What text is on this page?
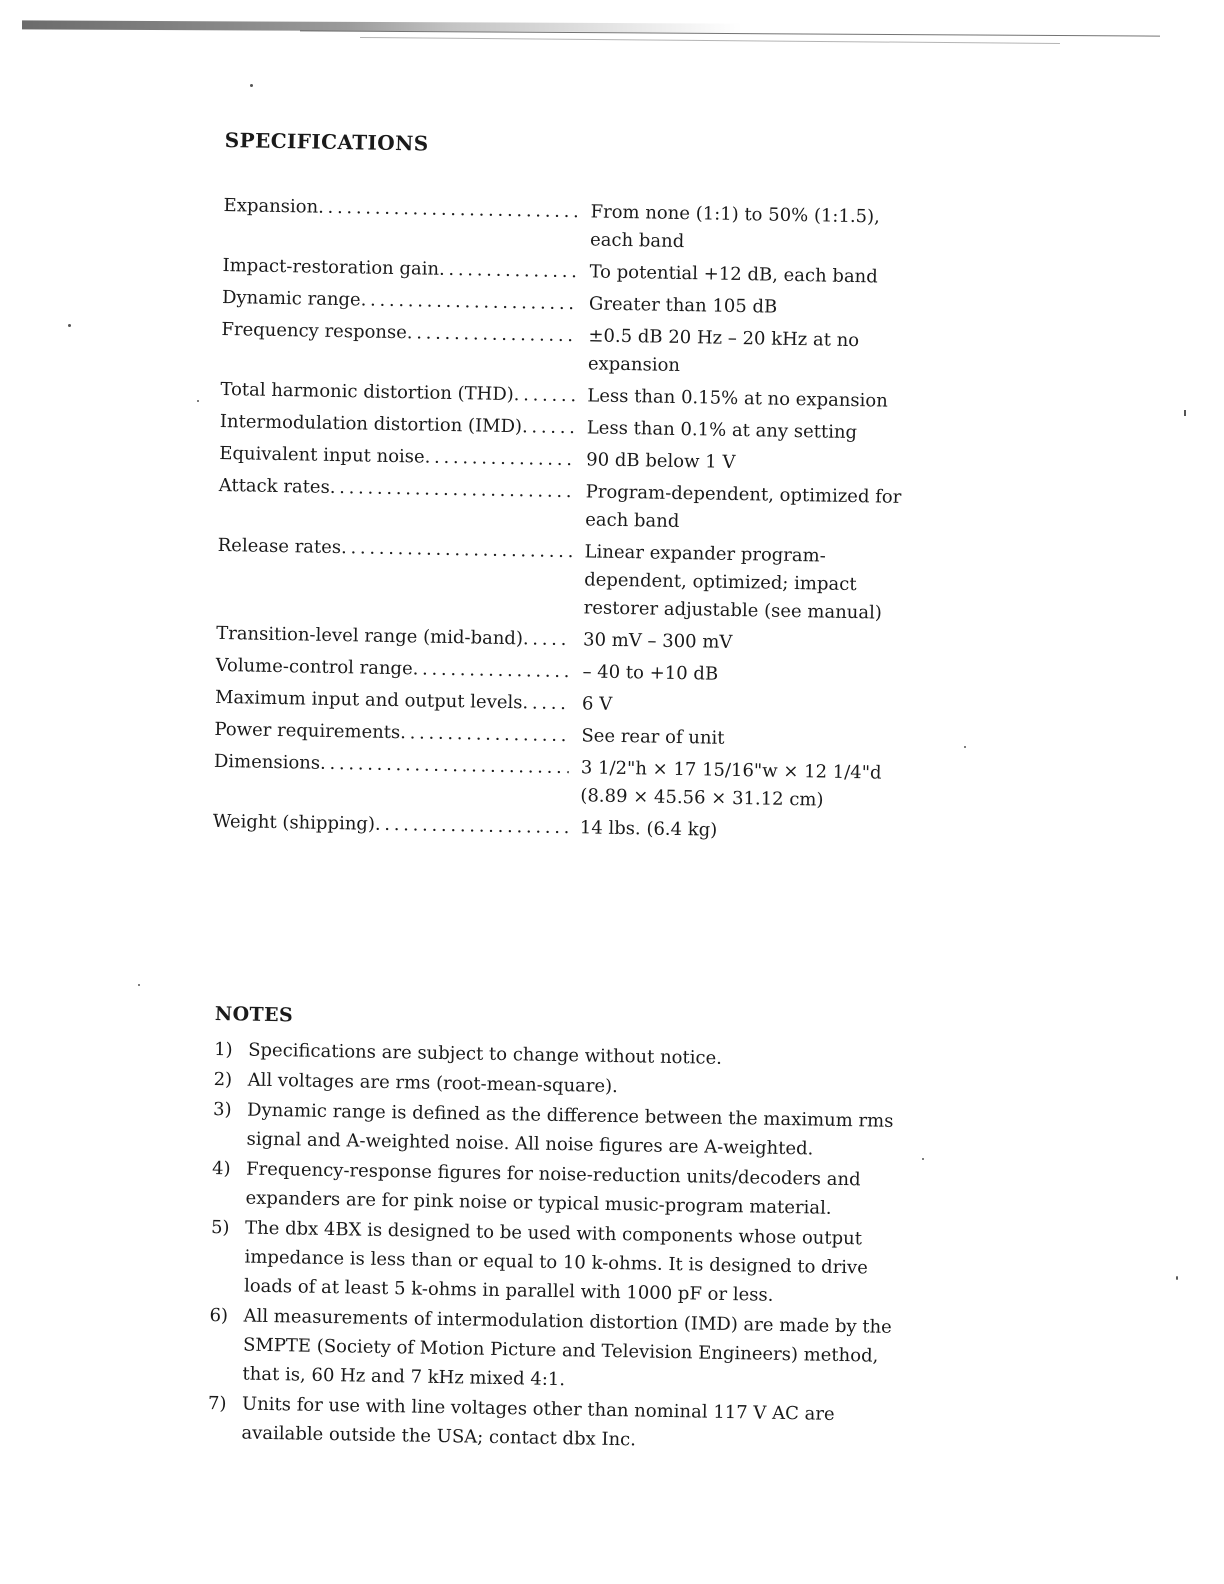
SPECIFICATIONS
Expansion . . .	From none (1:1) to 50% (1:1.5), each band
Impact-restoration gain . . .	To potential +12 dB, each band
Dynamic range . . .	Greater than 105 dB
Frequency response . . .	±0.5 dB 20 Hz – 20 kHz at no expansion
Total harmonic distortion (THD) . . .	Less than 0.15% at no expansion
Intermodulation distortion (IMD) . . .	Less than 0.1% at any setting
Equivalent input noise . . .	90 dB below 1 V
Attack rates . . .	Program-dependent, optimized for each band
Release rates . . .	Linear expander program-dependent, optimized; impact restorer adjustable (see manual)
Transition-level range (mid-band) . . .	30 mV – 300 mV
Volume-control range . . .	– 40 to +10 dB
Maximum input and output levels . . .	6 V
Power requirements . . .	See rear of unit
Dimensions . . .	3 1/2"h × 17 15/16"w × 12 1/4"d (8.89 × 45.56 × 31.12 cm)
Weight (shipping) . . .	14 lbs. (6.4 kg)
NOTES
1) Specifications are subject to change without notice.
2) All voltages are rms (root-mean-square).
3) Dynamic range is defined as the difference between the maximum rms signal and A-weighted noise. All noise figures are A-weighted.
4) Frequency-response figures for noise-reduction units/decoders and expanders are for pink noise or typical music-program material.
5) The dbx 4BX is designed to be used with components whose output impedance is less than or equal to 10 k-ohms. It is designed to drive loads of at least 5 k-ohms in parallel with 1000 pF or less.
6) All measurements of intermodulation distortion (IMD) are made by the SMPTE (Society of Motion Picture and Television Engineers) method, that is, 60 Hz and 7 kHz mixed 4:1.
7) Units for use with line voltages other than nominal 117 V AC are available outside the USA; contact dbx Inc.
